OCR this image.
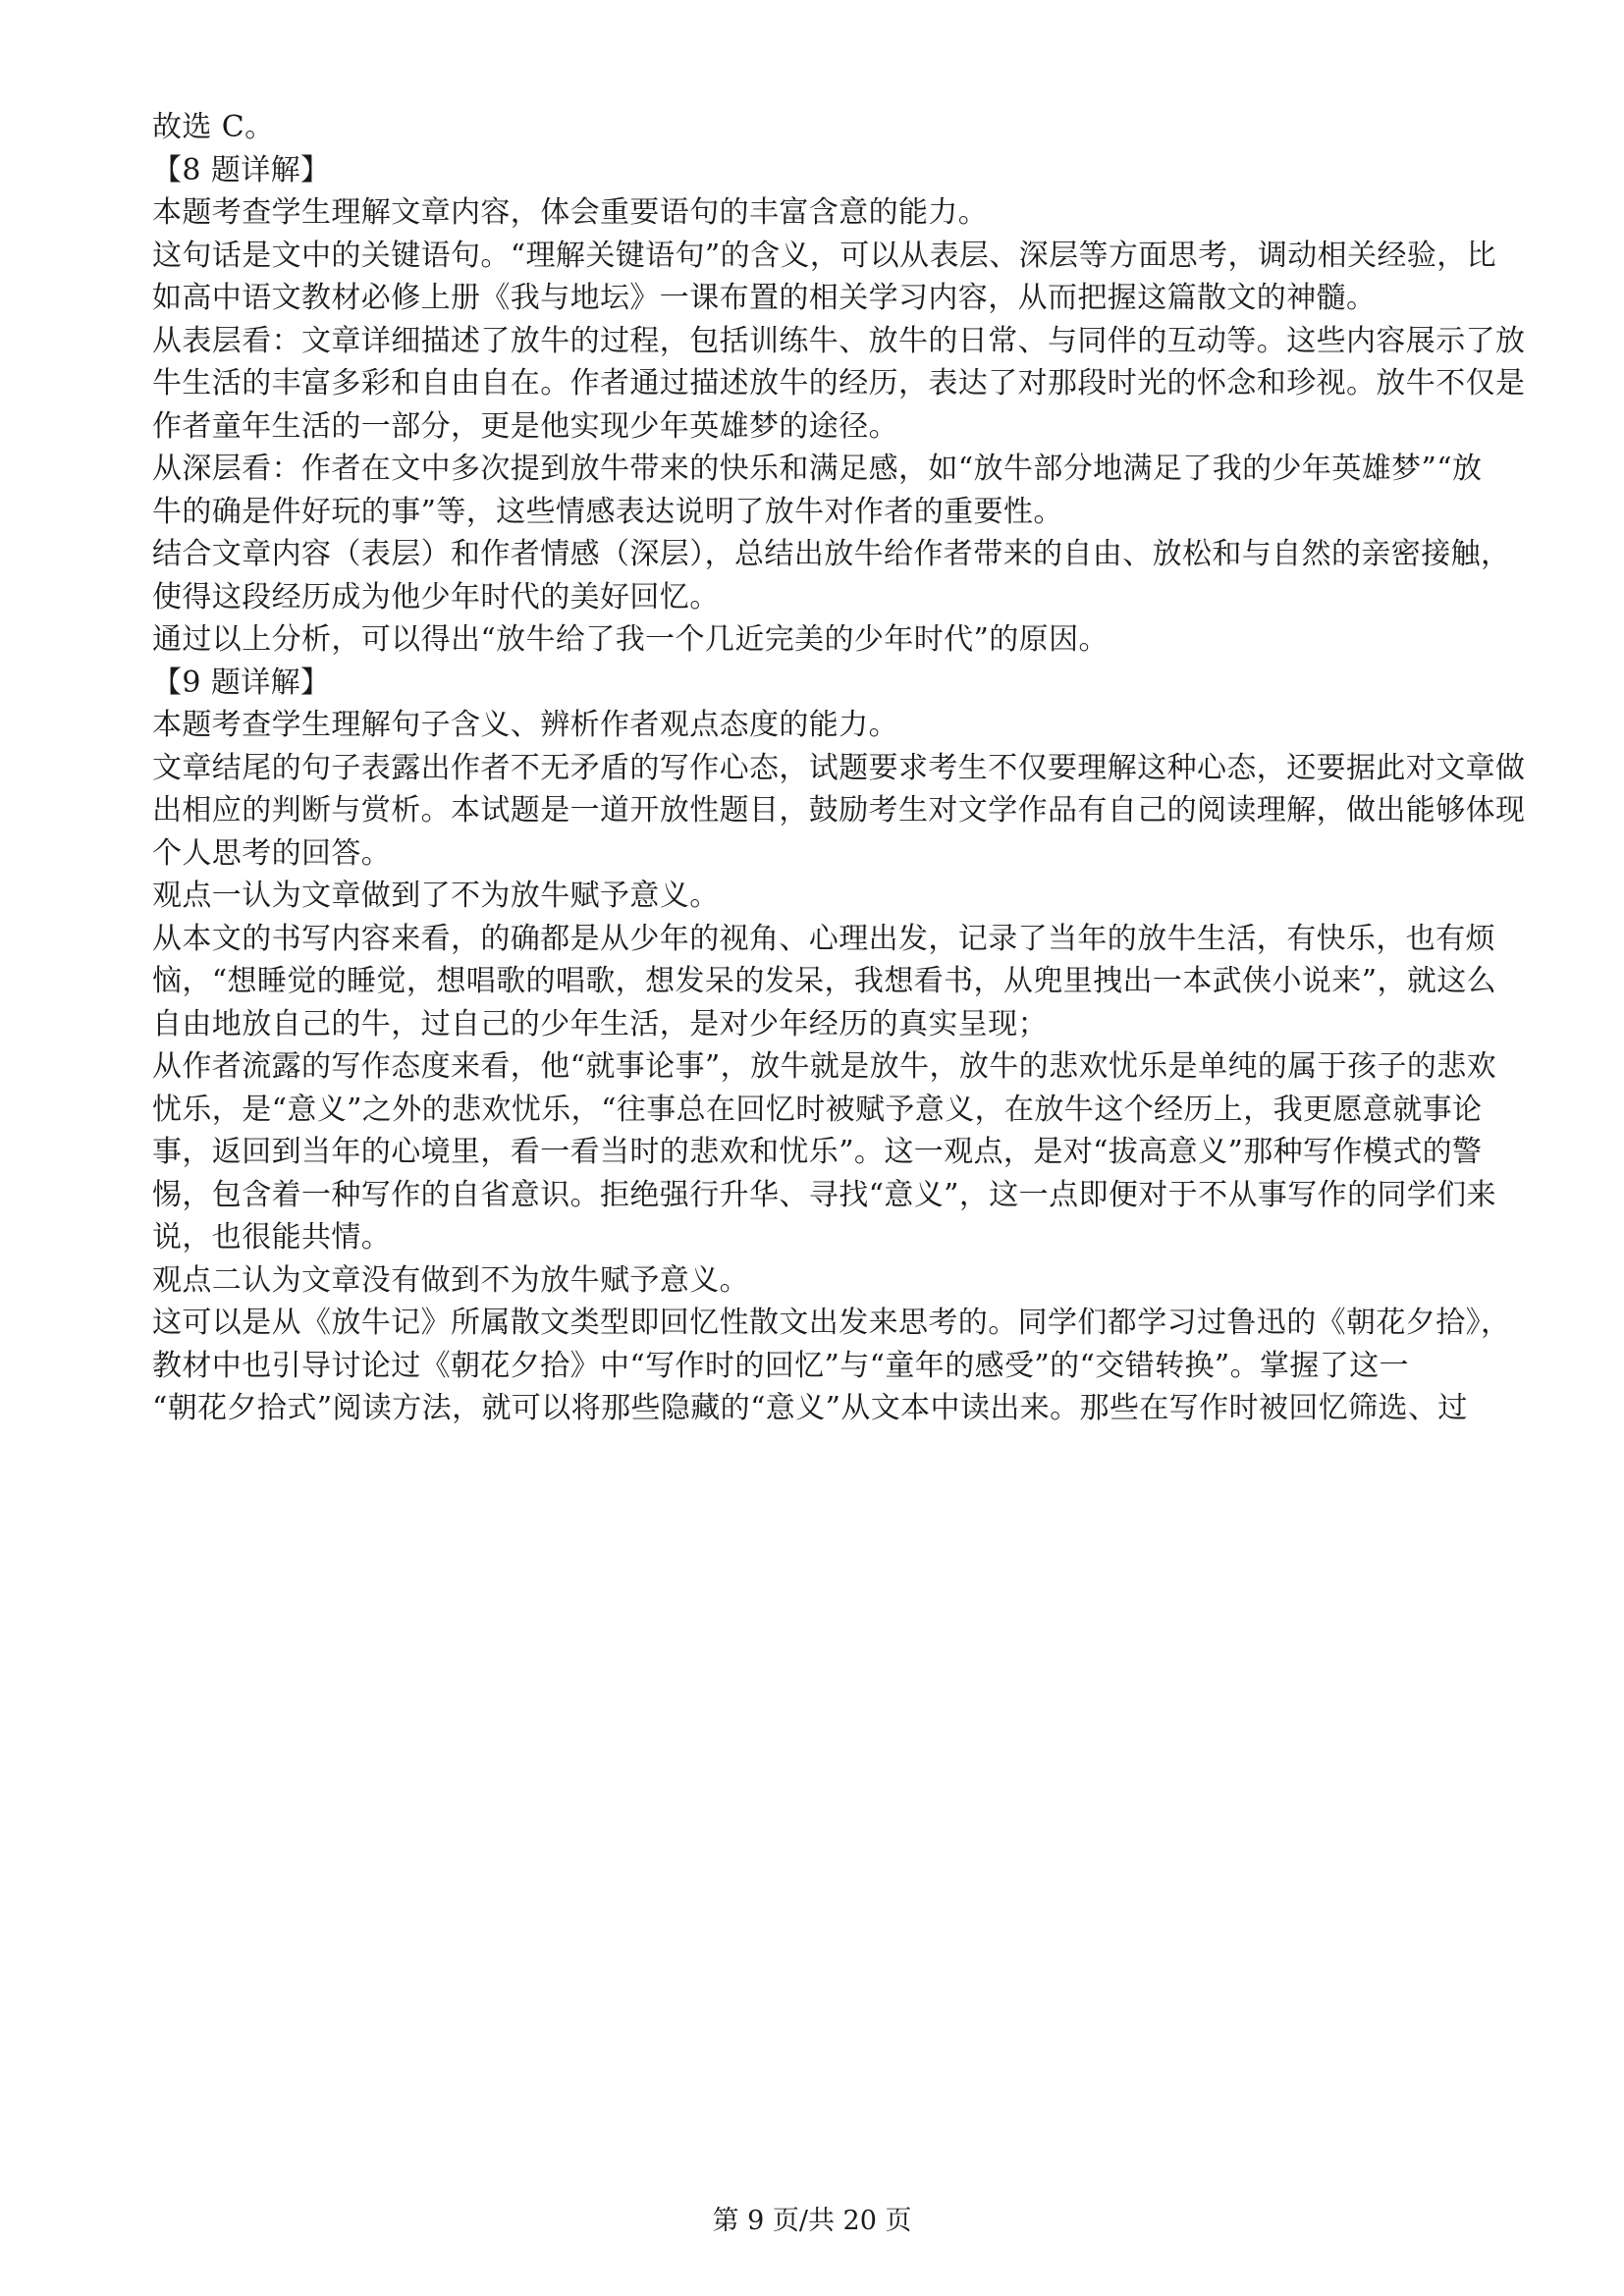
故选 C。

【8 题详解】

本题考查学生理解文章内容，体会重要语句的丰富含意的能力。

这句话是文中的关键语句。“理解关键语句”的含义，可以从表层、深层等方面思考，调动相关经验，比

如高中语文教材必修上册《我与地坛》一课布置的相关学习内容，从而把握这篇散文的神髓。

从表层看：文章详细描述了放牛的过程，包括训练牛、放牛的日常、与同伴的互动等。这些内容展示了放

牛生活的丰富多彩和自由自在。作者通过描述放牛的经历，表达了对那段时光的怀念和珍视。放牛不仅是

作者童年生活的一部分，更是他实现少年英雄梦的途径。

从深层看：作者在文中多次提到放牛带来的快乐和满足感，如“放牛部分地满足了我的少年英雄梦”“放

牛的确是件好玩的事”等，这些情感表达说明了放牛对作者的重要性。

结合文章内容（表层）和作者情感（深层），总结出放牛给作者带来的自由、放松和与自然的亲密接触，

使得这段经历成为他少年时代的美好回忆。

通过以上分析，可以得出“放牛给了我一个几近完美的少年时代”的原因。

【9 题详解】

本题考查学生理解句子含义、辨析作者观点态度的能力。

文章结尾的句子表露出作者不无矛盾的写作心态，试题要求考生不仅要理解这种心态，还要据此对文章做

出相应的判断与赏析。本试题是一道开放性题目，鼓励考生对文学作品有自己的阅读理解，做出能够体现

个人思考的回答。

观点一认为文章做到了不为放牛赋予意义。

从本文的书写内容来看，的确都是从少年的视角、心理出发，记录了当年的放牛生活，有快乐，也有烦

恼，“想睡觉的睡觉，想唱歌的唱歌，想发呆的发呆，我想看书，从兜里拽出一本武侠小说来”，就这么

自由地放自己的牛，过自己的少年生活，是对少年经历的真实呈现；

从作者流露的写作态度来看，他“就事论事”，放牛就是放牛，放牛的悲欢忧乐是单纯的属于孩子的悲欢

忧乐，是“意义”之外的悲欢忧乐，“往事总在回忆时被赋予意义，在放牛这个经历上，我更愿意就事论

事，返回到当年的心境里，看一看当时的悲欢和忧乐”。这一观点，是对“拔高意义”那种写作模式的警

惕，包含着一种写作的自省意识。拒绝强行升华、寻找“意义”，这一点即便对于不从事写作的同学们来

说，也很能共情。

观点二认为文章没有做到不为放牛赋予意义。

这可以是从《放牛记》所属散文类型即回忆性散文出发来思考的。同学们都学习过鲁迅的《朝花夕拾》，

教材中也引导讨论过《朝花夕拾》中“写作时的回忆”与“童年的感受”的“交错转换”。掌握了这一

“朝花夕拾式”阅读方法，就可以将那些隐藏的“意义”从文本中读出来。那些在写作时被回忆筛选、过

第 9 页/共 20 页
